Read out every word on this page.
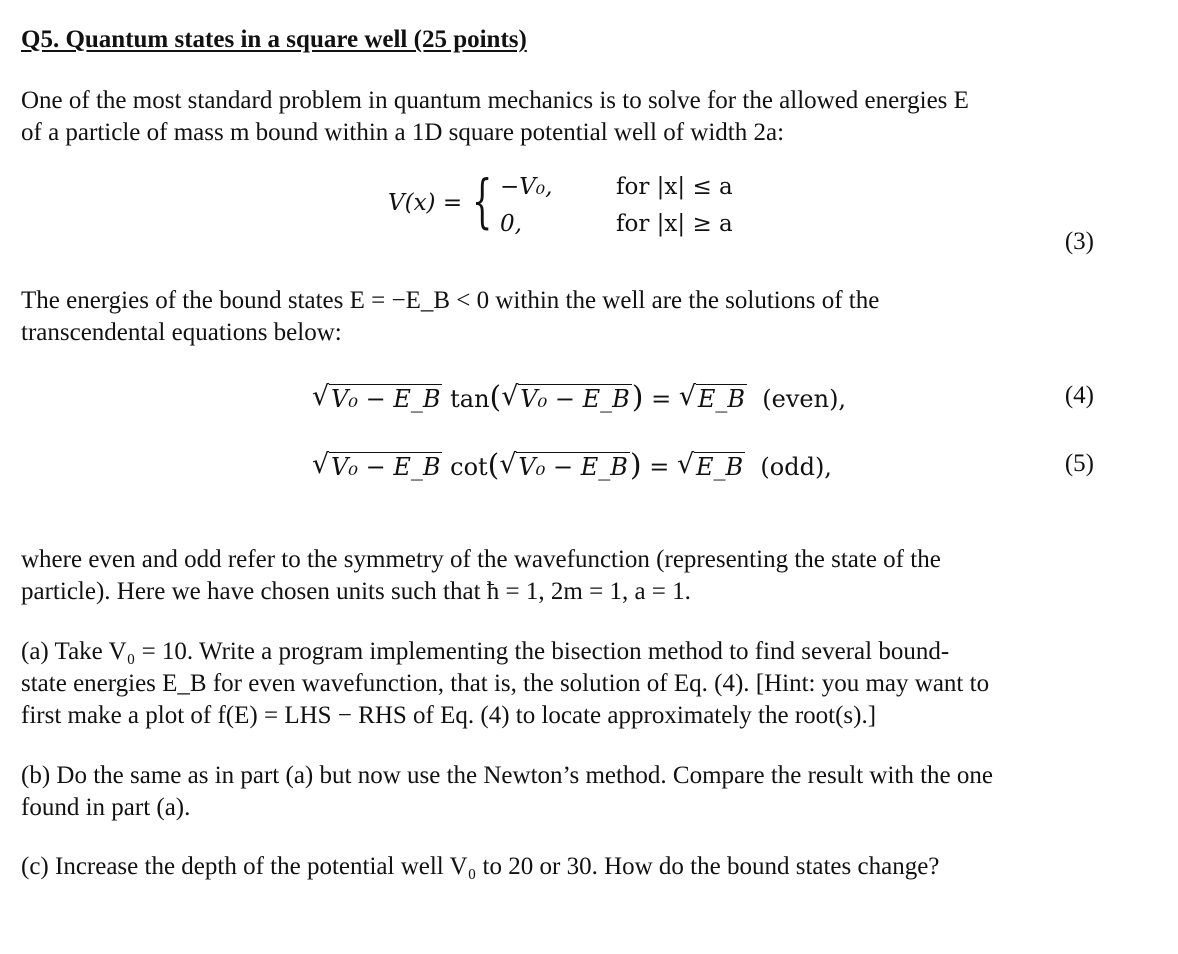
Q5. Quantum states in a square well (25 points)
One of the most standard problem in quantum mechanics is to solve for the allowed energies E
of a particle of mass m bound within a 1D square potential well of width 2a:
V(x) = { −V₀,	for |x| ≤ a
0,	for |x| ≥ a
(3)
The energies of the bound states E = −E_B < 0 within the well are the solutions of the
transcendental equations below:
√ V₀ − E_B tan( √ V₀ − E_B) = √ E_B (even),	(4)
√ V₀ − E_B cot( √ V₀ − E_B) = √ E_B (odd),	(5)
where even and odd refer to the symmetry of the wavefunction (representing the state of the
particle). Here we have chosen units such that ħ = 1, 2m = 1, a = 1.
(a) Take V₀ = 10. Write a program implementing the bisection method to find several bound-
state energies E_B for even wavefunction, that is, the solution of Eq. (4). [Hint: you may want to
first make a plot of f(E) = LHS − RHS of Eq. (4) to locate approximately the root(s).]
(b) Do the same as in part (a) but now use the Newton’s method. Compare the result with the one
found in part (a).
(c) Increase the depth of the potential well V₀ to 20 or 30. How do the bound states change?
